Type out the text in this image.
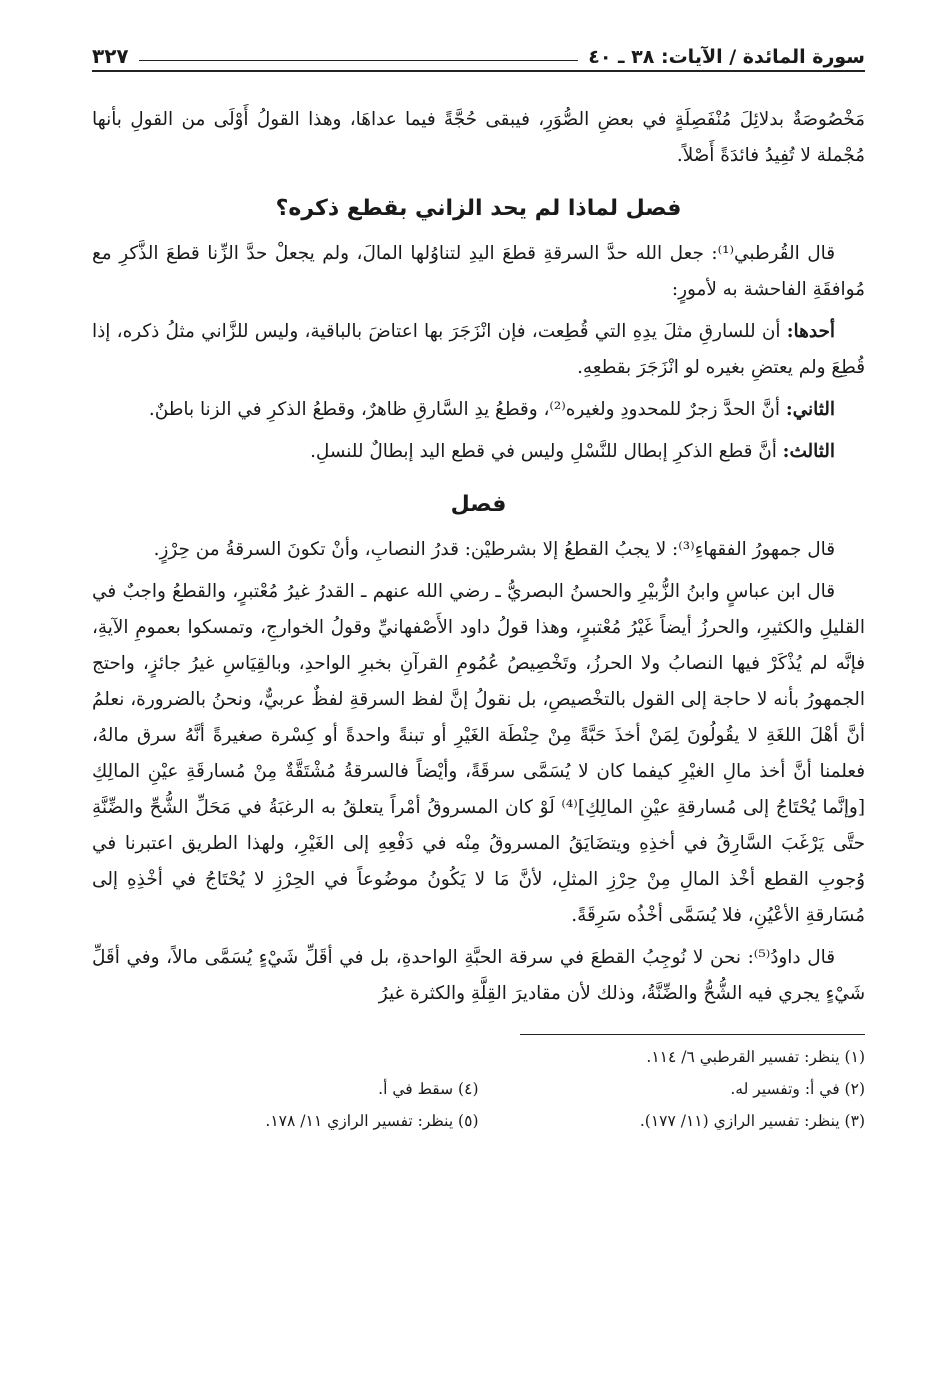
سورة المائدة / الآيات: ٣٨ ـ ٤٠
٣٢٧

مَخْصُوصَةٌ بدلائِلَ مُنْفَصِلَةٍ في بعضِ الصُّوَرِ، فيبقى حُجَّةً فيما عداهَا، وهذا القولُ أَوْلَى من القولِ بأنها مُجْملة لا تُفِيدُ فائدَةً أَصْلاً.

فصل لماذا لم يحد الزاني بقطع ذكره؟

قال القُرطبي⁽¹⁾: جعل الله حدَّ السرقةِ قطعَ اليدِ لتناوُلها المالَ، ولم يجعلْ حدَّ الزِّنا قطعَ الذَّكرِ مع مُوافقَةِ الفاحشة به لأمورٍ:

أحدها: أن للسارقِ مثلَ يدِهِ التي قُطِعت، فإن انْزَجَرَ بها اعتاضَ بالباقية، وليس للزَّاني مثلُ ذكره، إذا قُطِعَ ولم يعتضِ بغيره لو انْزَجَرَ بقطعِهِ.

الثاني: أنَّ الحدَّ زجرٌ للمحدودِ ولغيره⁽²⁾، وقطعُ يدِ السَّارقِ ظاهرٌ، وقطعُ الذكرِ في الزنا باطنٌ.

الثالث: أنَّ قطع الذكرِ إبطال للنَّسْلِ وليس في قطع اليد إبطالٌ للنسلِ.

فصل

قال جمهورُ الفقهاءِ⁽³⁾: لا يجبُ القطعُ إلا بشرطيْن: قدرُ النصابِ، وأنْ تكونَ السرقةُ من حِرْزٍ.

قال ابن عباسٍ وابنُ الزُّبيْرِ والحسنُ البصريُّ ـ رضي الله عنهم ـ القدرُ غيرُ مُعْتبرٍ، والقطعُ واجبٌ في القليلِ والكثيرِ، والحرزُ أيضاً غَيْرُ مُعْتبرٍ، وهذا قولُ داود الأَصْفهانيِّ وقولُ الخوارجِ، وتمسكوا بعمومِ الآيةِ، فإنَّه لم يُذْكَرْ فيها النصابُ ولا الحرزُ، وتَخْصِيصُ عُمُومِ القرآنِ بخبرِ الواحدِ، وبالقِيَاسِ غيرُ جائزٍ، واحتج الجمهورُ بأنه لا حاجة إلى القول بالتخْصيصِ، بل نقولُ إنَّ لفظ السرقةِ لفظٌ عربيٌّ، ونحنُ بالضرورة، نعلمُ أنَّ أهْلَ اللغَةِ لا يقُولُونَ لِمَنْ أخذَ حَبَّةً مِنْ حِنْطَة الغَيْرِ أو تبنةً واحدةً أو كِسْرة صغيرةً أنَّهُ سرق مالهُ، فعلمنا أنَّ أخذ مالِ الغيْرِ كيفما كان لا يُسَمَّى سرقَةً، وأيْضاً فالسرقةُ مُشْتَقَّةٌ مِنْ مُسارقَةِ عيْنِ المالِكِ [وإنَّما يُحْتَاجُ إلى مُسارقةِ عيْنِ المالِكِ]⁽⁴⁾ لَوْ كان المسروقُ أمْراً يتعلقُ به الرغبَةُ في مَحَلِّ الشُّحِّ والضِّنَّةِ حتَّى يَرْغَبَ السَّارِقُ في أخذِهِ ويتضَايَقُ المسروقُ مِنْه في دَفْعِهِ إلى الغَيْرِ، ولهذا الطريق اعتبرنا في وُجوبِ القطع أخْذ المالِ مِنْ حِرْزِ المثلِ، لأنَّ مَا لا يَكُونُ موضُوعاً في الحِرْزِ لا يُحْتَاجُ في أخْذِهِ إلى مُسَارقةِ الأعْيُنِ، فلا يُسَمَّى أخْذُه سَرِقَةً.

قال داودُ⁽⁵⁾: نحن لا نُوجِبُ القطعَ في سرقة الحبَّةِ الواحدةِ، بل في أقَلِّ شَيْءٍ يُسَمَّى مالاً، وفي أقَلِّ شَيْءٍ يجري فيه الشُّحُّ والضِّنَّةُ، وذلك لأن مقاديرَ القِلَّةِ والكثرة غيرُ

(١) ينظر: تفسير القرطبي ٦/ ١١٤.
(٢) في أ: وتفسير له.
(٤) سقط في أ.
(٣) ينظر: تفسير الرازي (١١/ ١٧٧).
(٥) ينظر: تفسير الرازي ١١/ ١٧٨.
